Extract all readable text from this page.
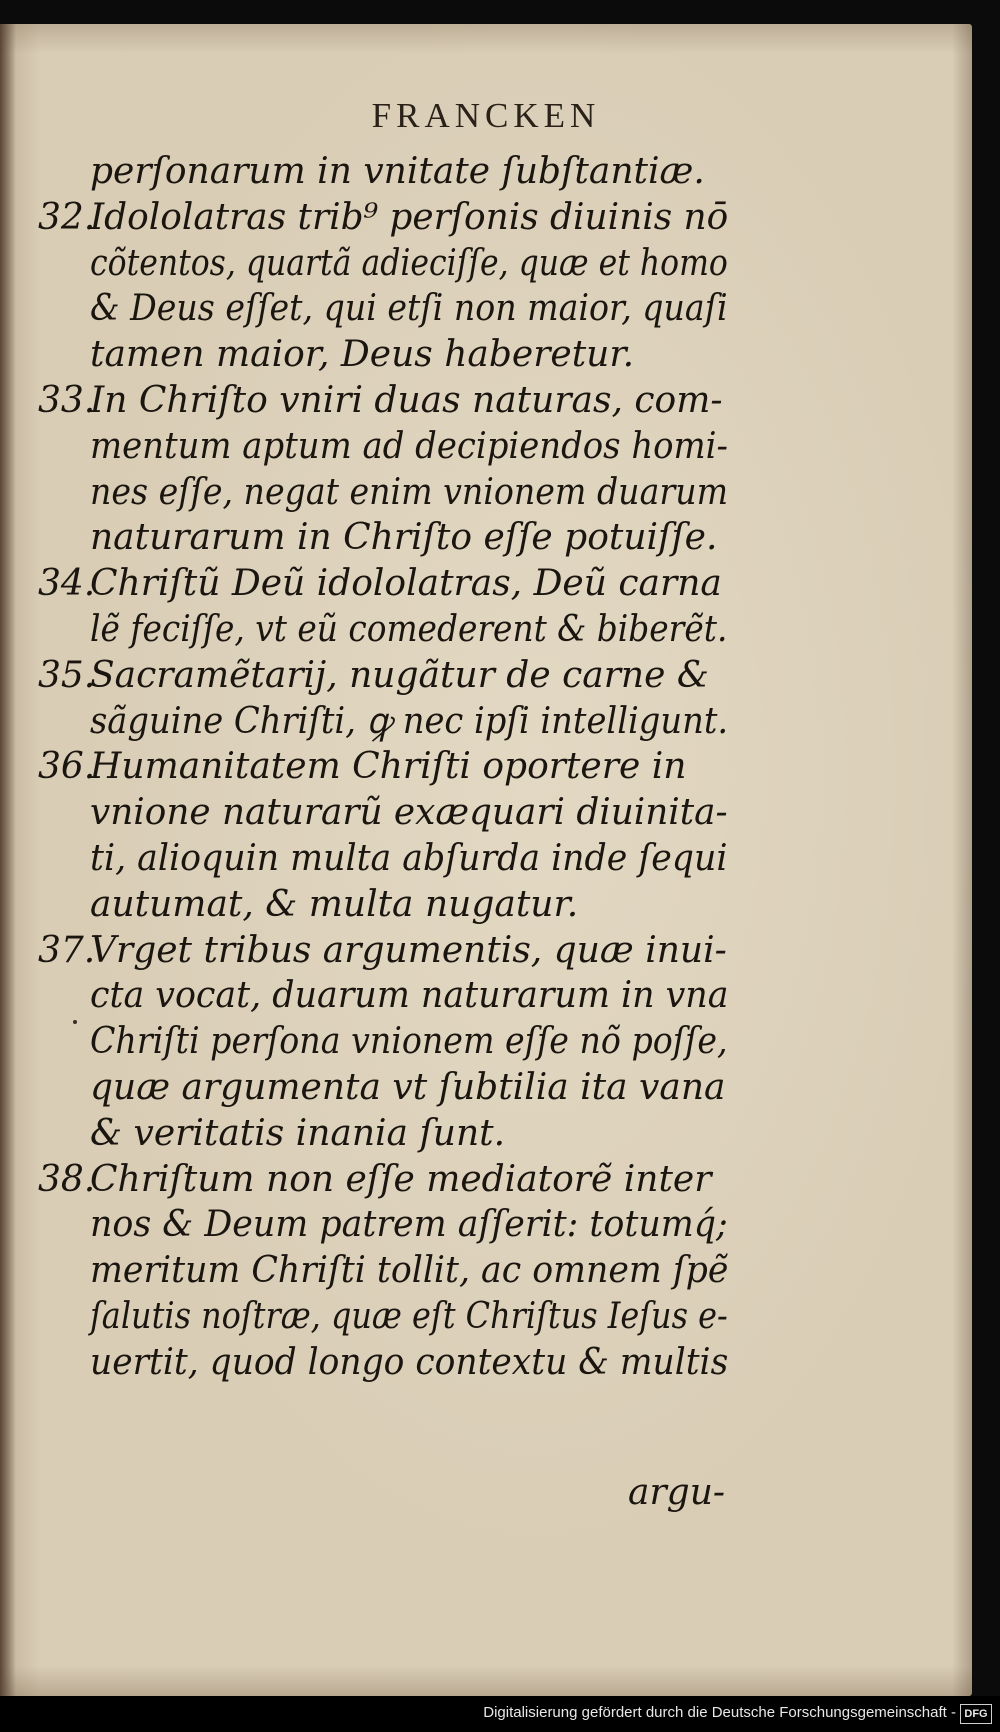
FRANCKEN
perſonarum in vnitate ſubſtantiæ.
32.
Idololatras trib⁹ perſonis diuinis nō
cõtentos, quartã adieciſſe, quæ et homo
& Deus eſſet, qui etſi non maior, quaſi
tamen maior, Deus haberetur.
33.
In Chriſto vniri duas naturas, com-
mentum aptum ad decipiendos homi-
nes eſſe, negat enim vnionem duarum
naturarum in Chriſto eſſe potuiſſe.
34.
Chriſtũ Deũ idololatras, Deũ carna
lẽ feciſſe, vt eũ comederent & biberẽt.
35.
Sacramẽtarij, nugãtur de carne &
sãguine Chriſti, ꝙ nec ipſi intelligunt.
36.
Humanitatem Chriſti oportere in
vnione naturarũ exæquari diuinita-
ti, alioquin multa abſurda inde ſequi
autumat, & multa nugatur.
37.
Vrget tribus argumentis, quæ inui-
cta vocat, duarum naturarum in vna
Chriſti perſona vnionem eſſe nõ poſſe,
quæ argumenta vt ſubtilia ita vana
& veritatis inania ſunt.
38.
Chriſtum non eſſe mediatorẽ inter
nos & Deum patrem aſſerit: totumq́;
meritum Chriſti tollit, ac omnem ſpẽ
ſalutis noſtræ, quæ eſt Chriſtus Ieſus e-
uertit, quod longo contextu & multis
argu-
Digitalisierung gefördert durch die Deutsche Forschungsgemeinschaft - DFG
